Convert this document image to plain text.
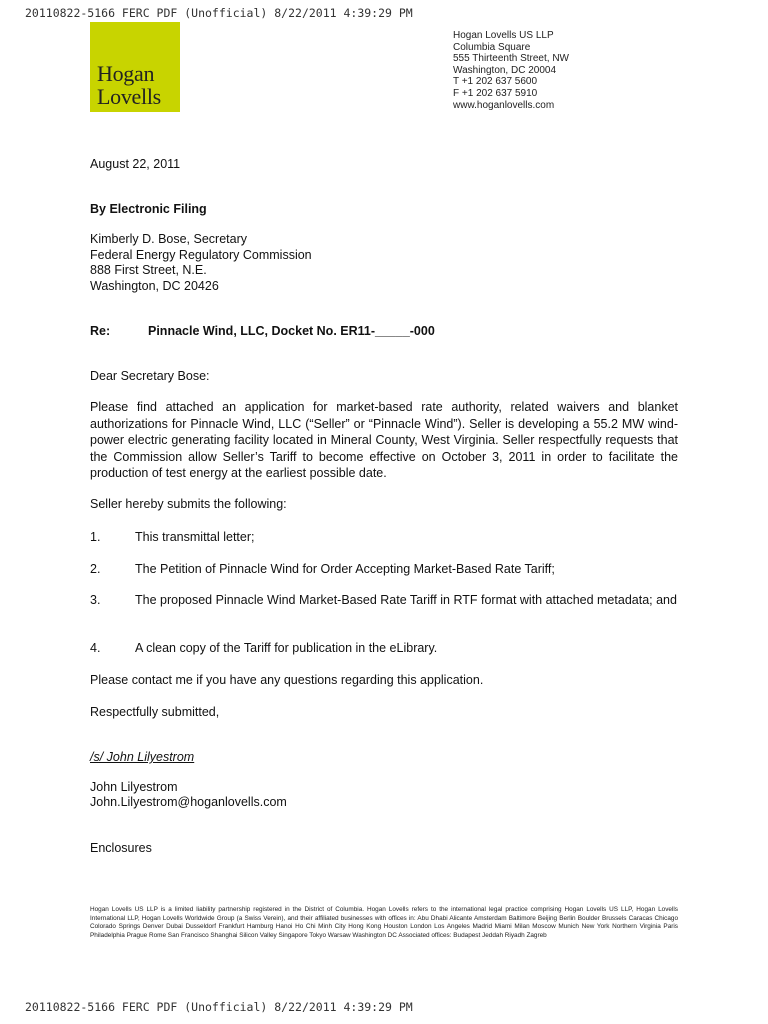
20110822-5166 FERC PDF (Unofficial) 8/22/2011 4:39:29 PM
Hogan
Lovells
Hogan Lovells US LLP
Columbia Square
555 Thirteenth Street, NW
Washington, DC 20004
T +1 202 637 5600
F +1 202 637 5910
www.hoganlovells.com
August 22, 2011
By Electronic Filing
Kimberly D. Bose, Secretary
Federal Energy Regulatory Commission
888 First Street, N.E.
Washington, DC 20426
Re:	Pinnacle Wind, LLC, Docket No. ER11-_____-000
Dear Secretary Bose:
Please find attached an application for market-based rate authority, related waivers and blanket authorizations for Pinnacle Wind, LLC (“Seller” or “Pinnacle Wind”). Seller is developing a 55.2 MW wind-power electric generating facility located in Mineral County, West Virginia. Seller respectfully requests that the Commission allow Seller’s Tariff to become effective on October 3, 2011 in order to facilitate the production of test energy at the earliest possible date.
Seller hereby submits the following:
1.	This transmittal letter;
2.	The Petition of Pinnacle Wind for Order Accepting Market-Based Rate Tariff;
3.	The proposed Pinnacle Wind Market-Based Rate Tariff in RTF format with attached metadata; and
4.	A clean copy of the Tariff for publication in the eLibrary.
Please contact me if you have any questions regarding this application.
Respectfully submitted,
/s/ John Lilyestrom
John Lilyestrom
John.Lilyestrom@hoganlovells.com
Enclosures
Hogan Lovells US LLP is a limited liability partnership registered in the District of Columbia. Hogan Lovells refers to the international legal practice comprising Hogan Lovells US LLP, Hogan Lovells International LLP, Hogan Lovells Worldwide Group (a Swiss Verein), and their affiliated businesses with offices in: Abu Dhabi Alicante Amsterdam Baltimore Beijing Berlin Boulder Brussels Caracas Chicago Colorado Springs Denver Dubai Dusseldorf Frankfurt Hamburg Hanoi Ho Chi Minh City Hong Kong Houston London Los Angeles Madrid Miami Milan Moscow Munich New York Northern Virginia Paris Philadelphia Prague Rome San Francisco Shanghai Silicon Valley Singapore Tokyo Warsaw Washington DC Associated offices: Budapest Jeddah Riyadh Zagreb
20110822-5166 FERC PDF (Unofficial) 8/22/2011 4:39:29 PM
